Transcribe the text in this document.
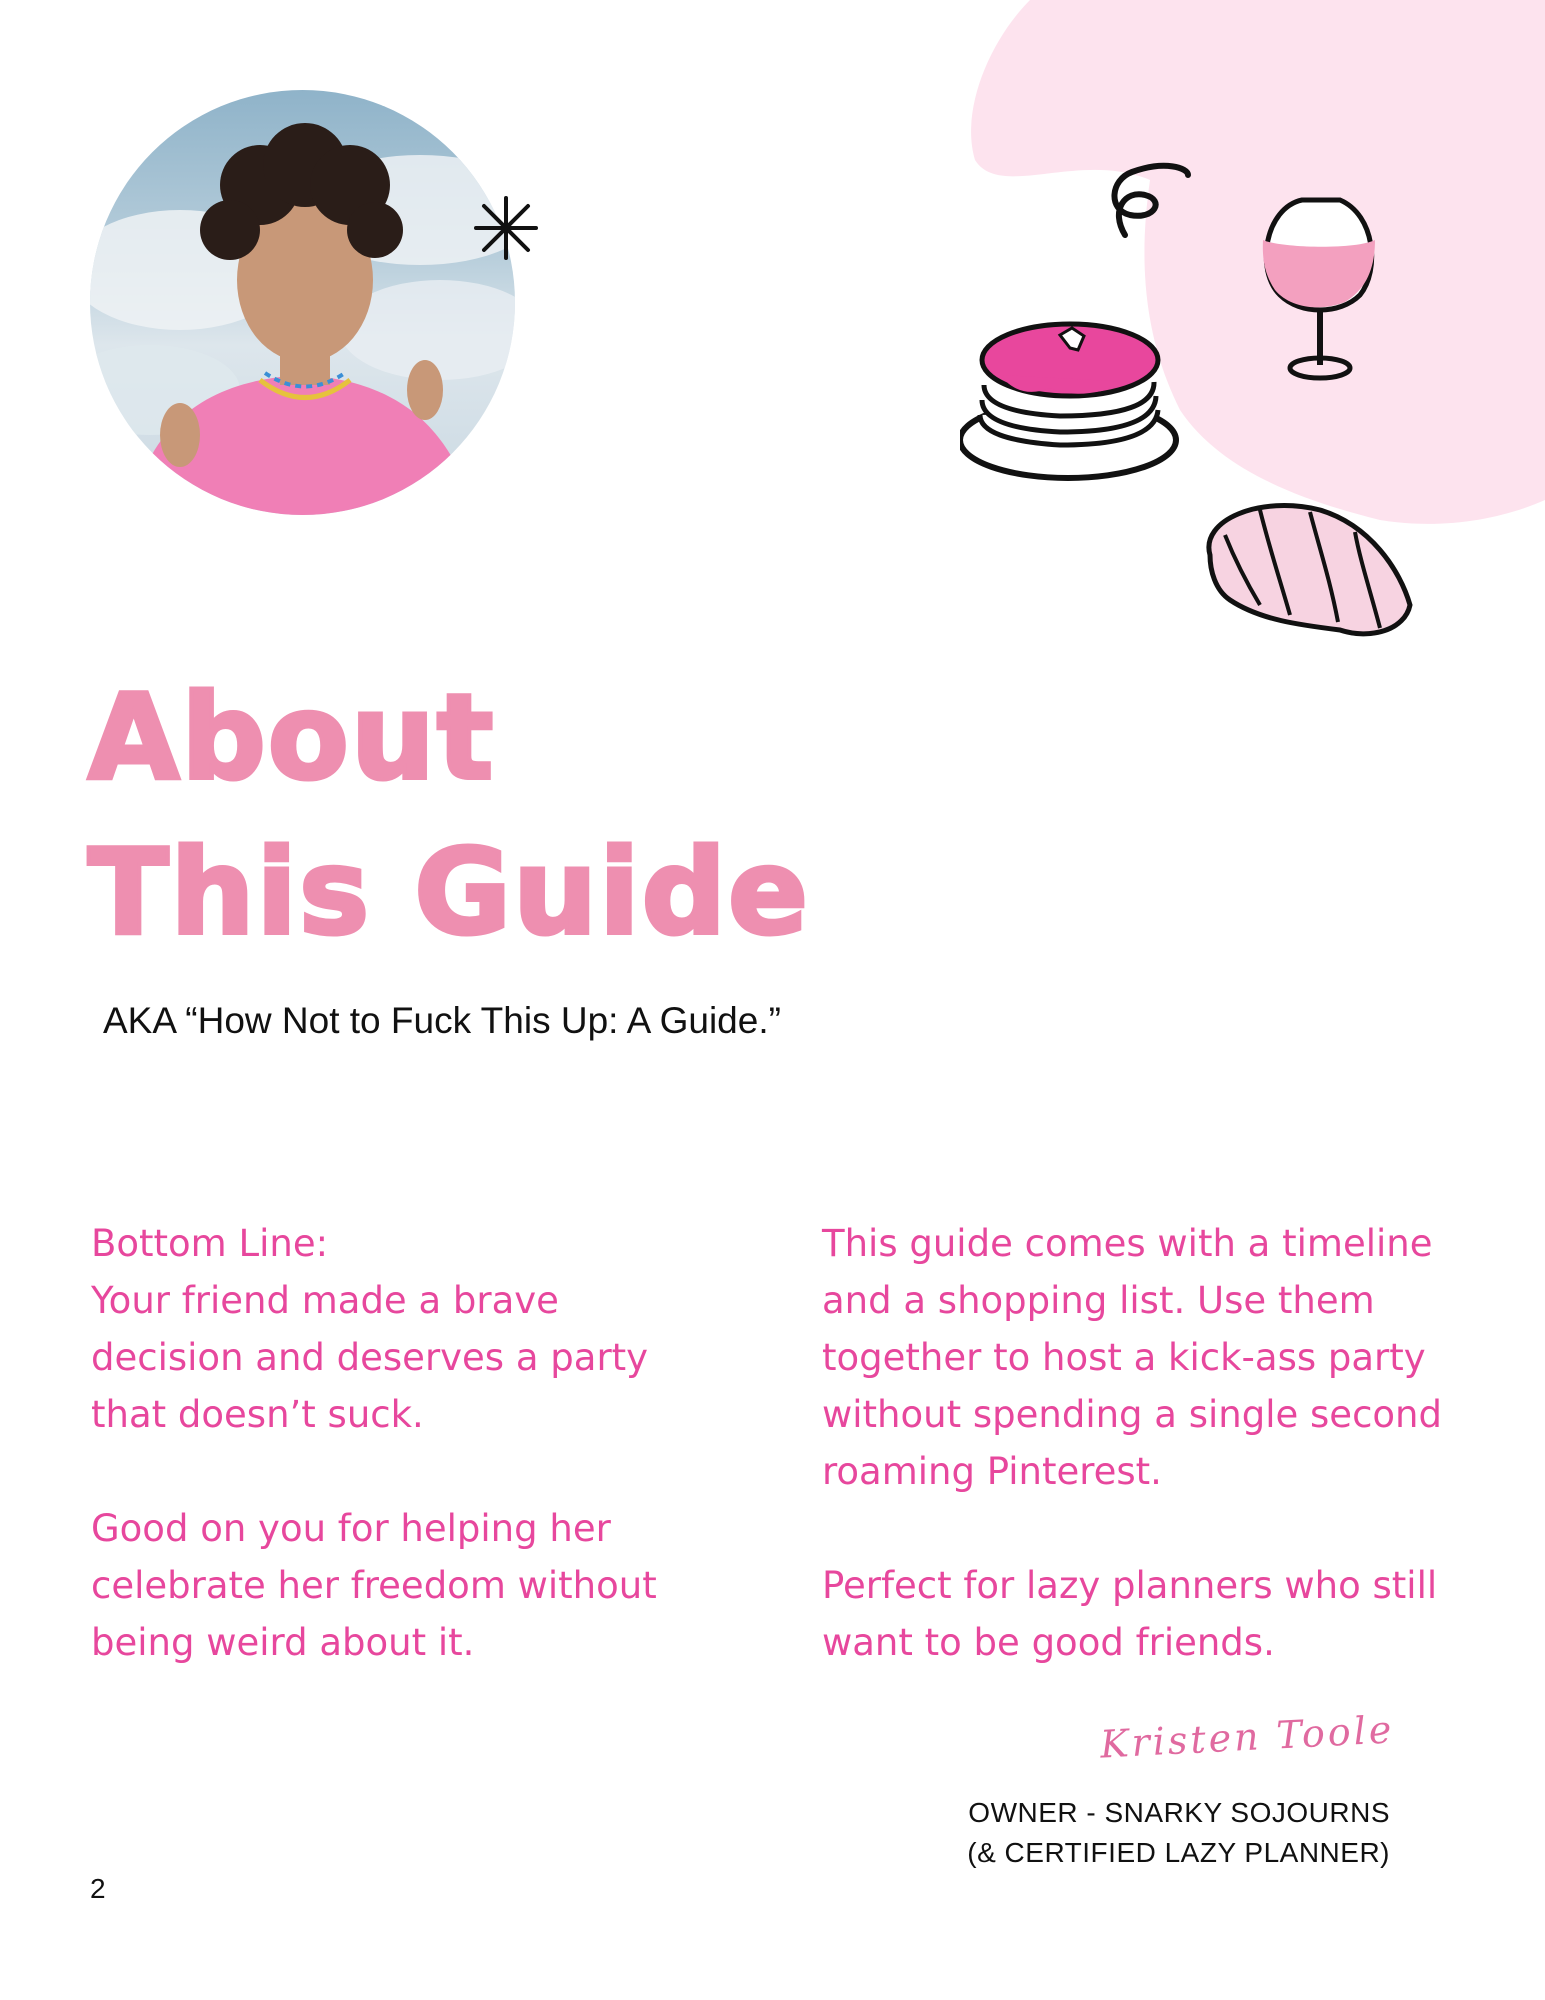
About
This Guide
AKA “How Not to Fuck This Up: A Guide.”

Bottom Line:
Your friend made a brave decision and deserves a party that doesn’t suck.

Good on you for helping her celebrate her freedom without being weird about it.

This guide comes with a timeline and a shopping list. Use them together to host a kick-ass party without spending a single second roaming Pinterest.

Perfect for lazy planners who still want to be good friends.

Kristen Toole
OWNER - SNARKY SOJOURNS
(& CERTIFIED LAZY PLANNER)
2
